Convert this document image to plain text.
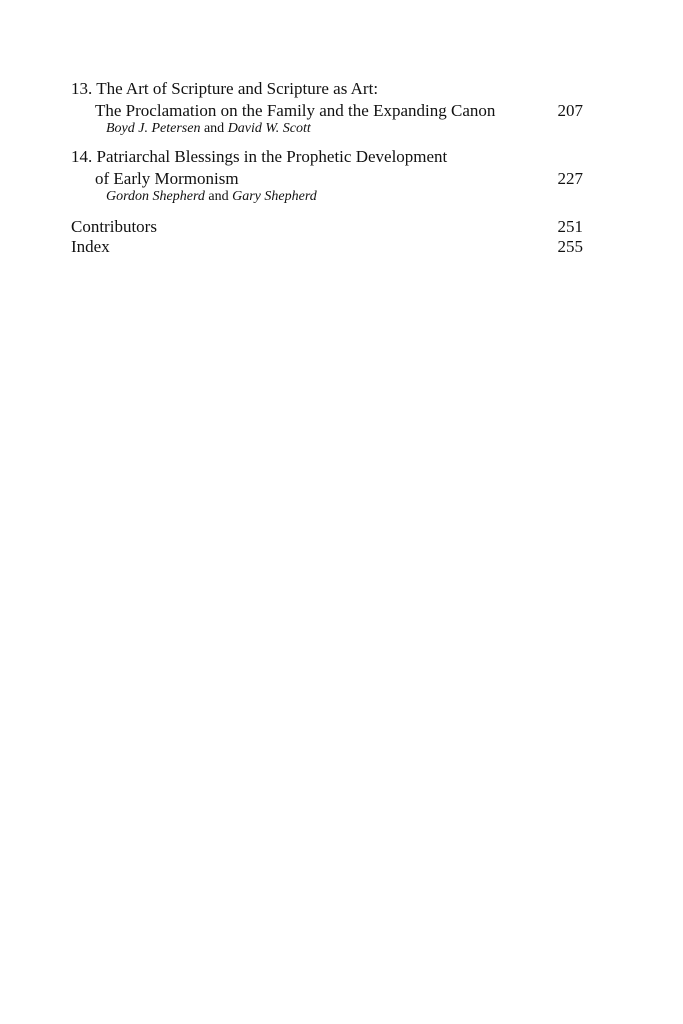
13. The Art of Scripture and Scripture as Art:
The Proclamation on the Family and the Expanding Canon	207
Boyd J. Petersen and David W. Scott
14. Patriarchal Blessings in the Prophetic Development
of Early Mormonism	227
Gordon Shepherd and Gary Shepherd
Contributors	251
Index	255
